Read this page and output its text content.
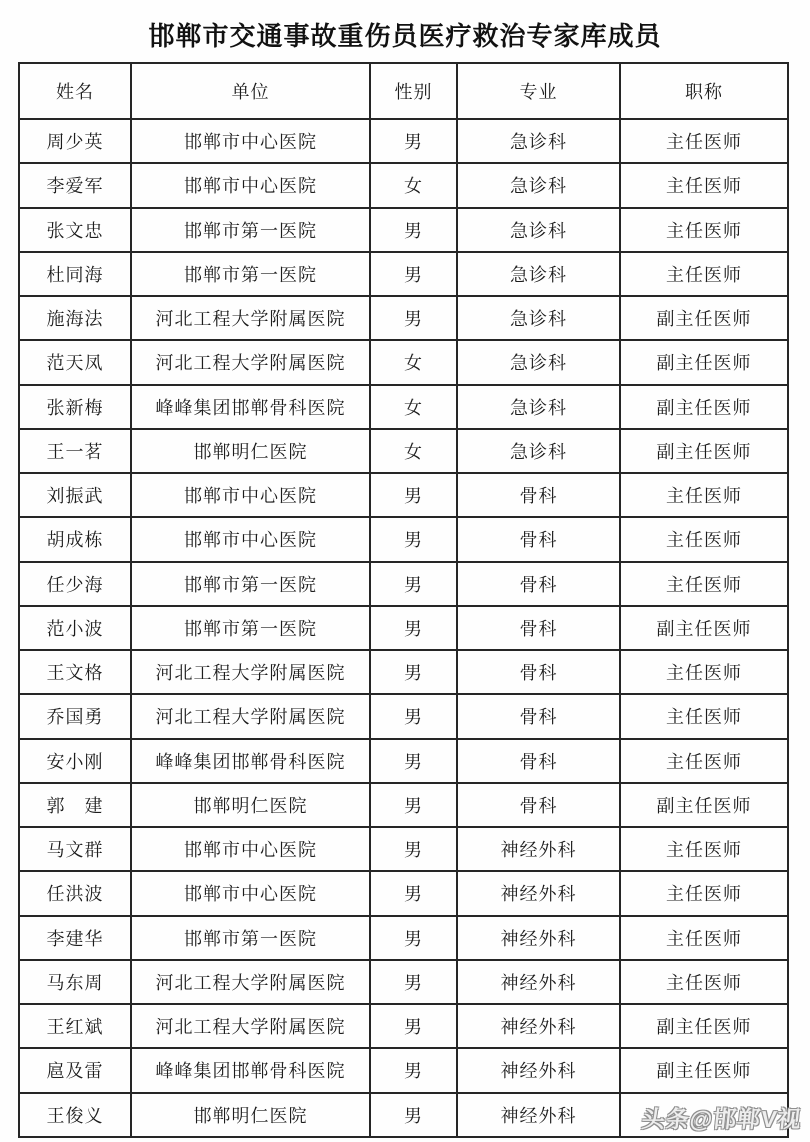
邯郸市交通事故重伤员医疗救治专家库成员
姓名	单位	性别	专业	职称
周少英	邯郸市中心医院	男	急诊科	主任医师
李爱军	邯郸市中心医院	女	急诊科	主任医师
张文忠	邯郸市第一医院	男	急诊科	主任医师
杜同海	邯郸市第一医院	男	急诊科	主任医师
施海法	河北工程大学附属医院	男	急诊科	副主任医师
范天凤	河北工程大学附属医院	女	急诊科	副主任医师
张新梅	峰峰集团邯郸骨科医院	女	急诊科	副主任医师
王一茗	邯郸明仁医院	女	急诊科	副主任医师
刘振武	邯郸市中心医院	男	骨科	主任医师
胡成栋	邯郸市中心医院	男	骨科	主任医师
任少海	邯郸市第一医院	男	骨科	主任医师
范小波	邯郸市第一医院	男	骨科	副主任医师
王文格	河北工程大学附属医院	男	骨科	主任医师
乔国勇	河北工程大学附属医院	男	骨科	主任医师
安小刚	峰峰集团邯郸骨科医院	男	骨科	主任医师
郭　建	邯郸明仁医院	男	骨科	副主任医师
马文群	邯郸市中心医院	男	神经外科	主任医师
任洪波	邯郸市中心医院	男	神经外科	主任医师
李建华	邯郸市第一医院	男	神经外科	主任医师
马东周	河北工程大学附属医院	男	神经外科	主任医师
王红斌	河北工程大学附属医院	男	神经外科	副主任医师
扈及雷	峰峰集团邯郸骨科医院	男	神经外科	副主任医师
王俊义	邯郸明仁医院	男	神经外科		头条@邯郸V视
